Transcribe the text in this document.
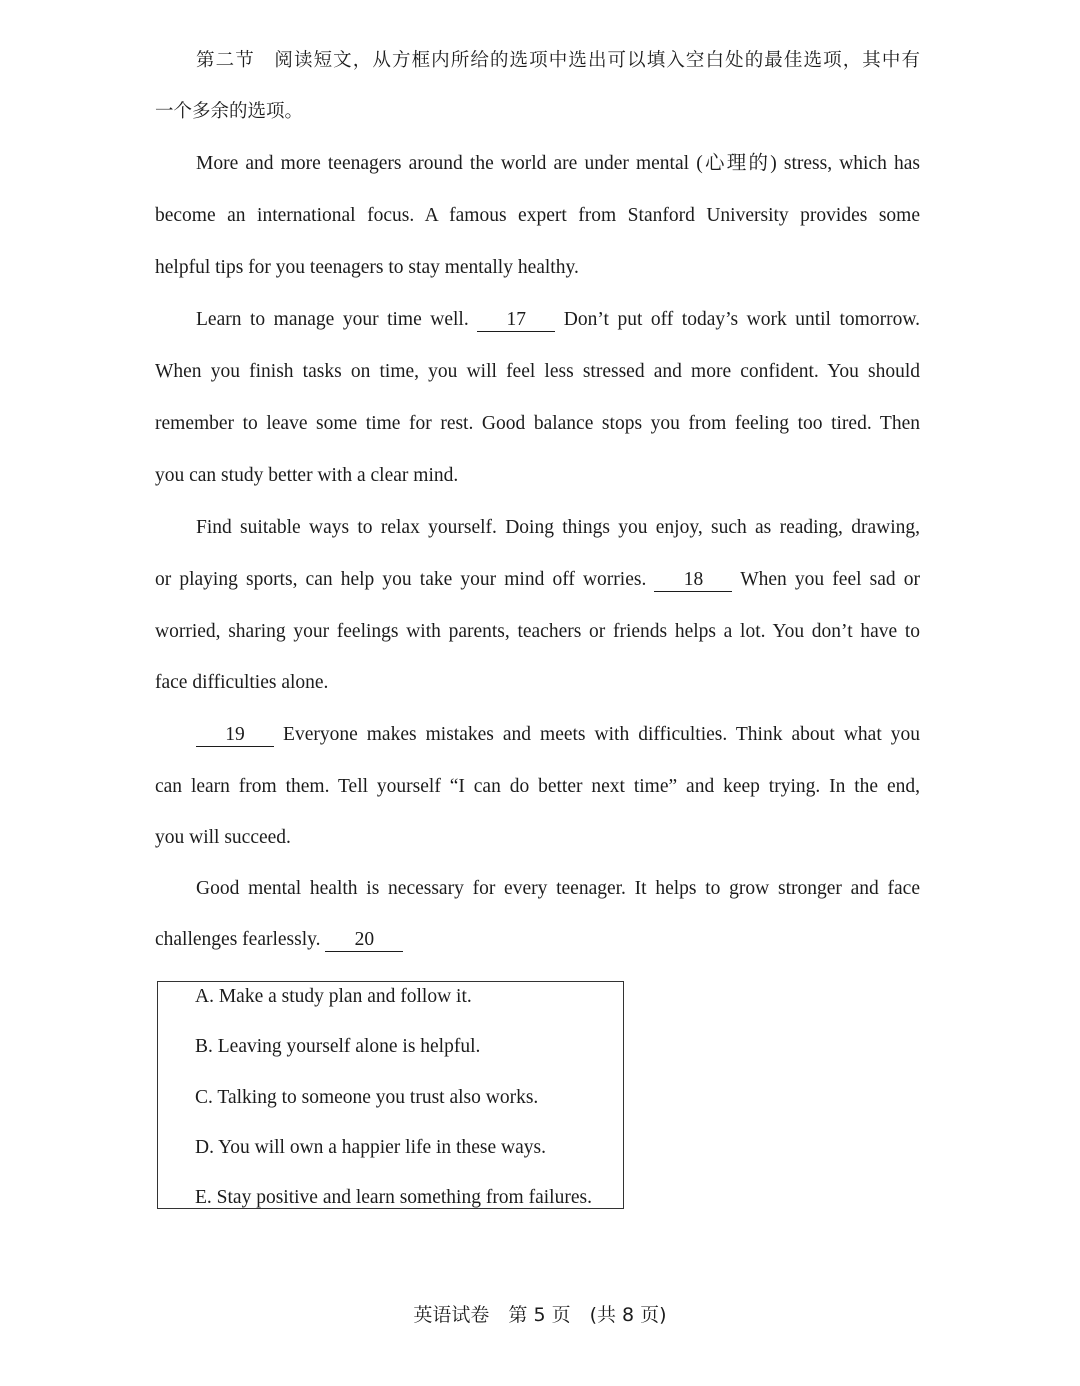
第二节　阅读短文，从方框内所给的选项中选出可以填入空白处的最佳选项，其中有
一个多余的选项。
More and more teenagers around the world are under mental (心理的) stress, which has
become an international focus. A famous expert from Stanford University provides some
helpful tips for you teenagers to stay mentally healthy.
Learn to manage your time well. 17 Don’t put off today’s work until tomorrow.
When you finish tasks on time, you will feel less stressed and more confident. You should
remember to leave some time for rest. Good balance stops you from feeling too tired. Then
you can study better with a clear mind.
Find suitable ways to relax yourself. Doing things you enjoy, such as reading, drawing,
or playing sports, can help you take your mind off worries. 18 When you feel sad or
worried, sharing your feelings with parents, teachers or friends helps a lot. You don’t have to
face difficulties alone.
19 Everyone makes mistakes and meets with difficulties. Think about what you
can learn from them. Tell yourself “I can do better next time” and keep trying. In the end,
you will succeed.
Good mental health is necessary for every teenager. It helps to grow stronger and face
challenges fearlessly. 20
A. Make a study plan and follow it.
B. Leaving yourself alone is helpful.
C. Talking to someone you trust also works.
D. You will own a happier life in these ways.
E. Stay positive and learn something from failures.
英语试卷　第 5 页　(共 8 页)
